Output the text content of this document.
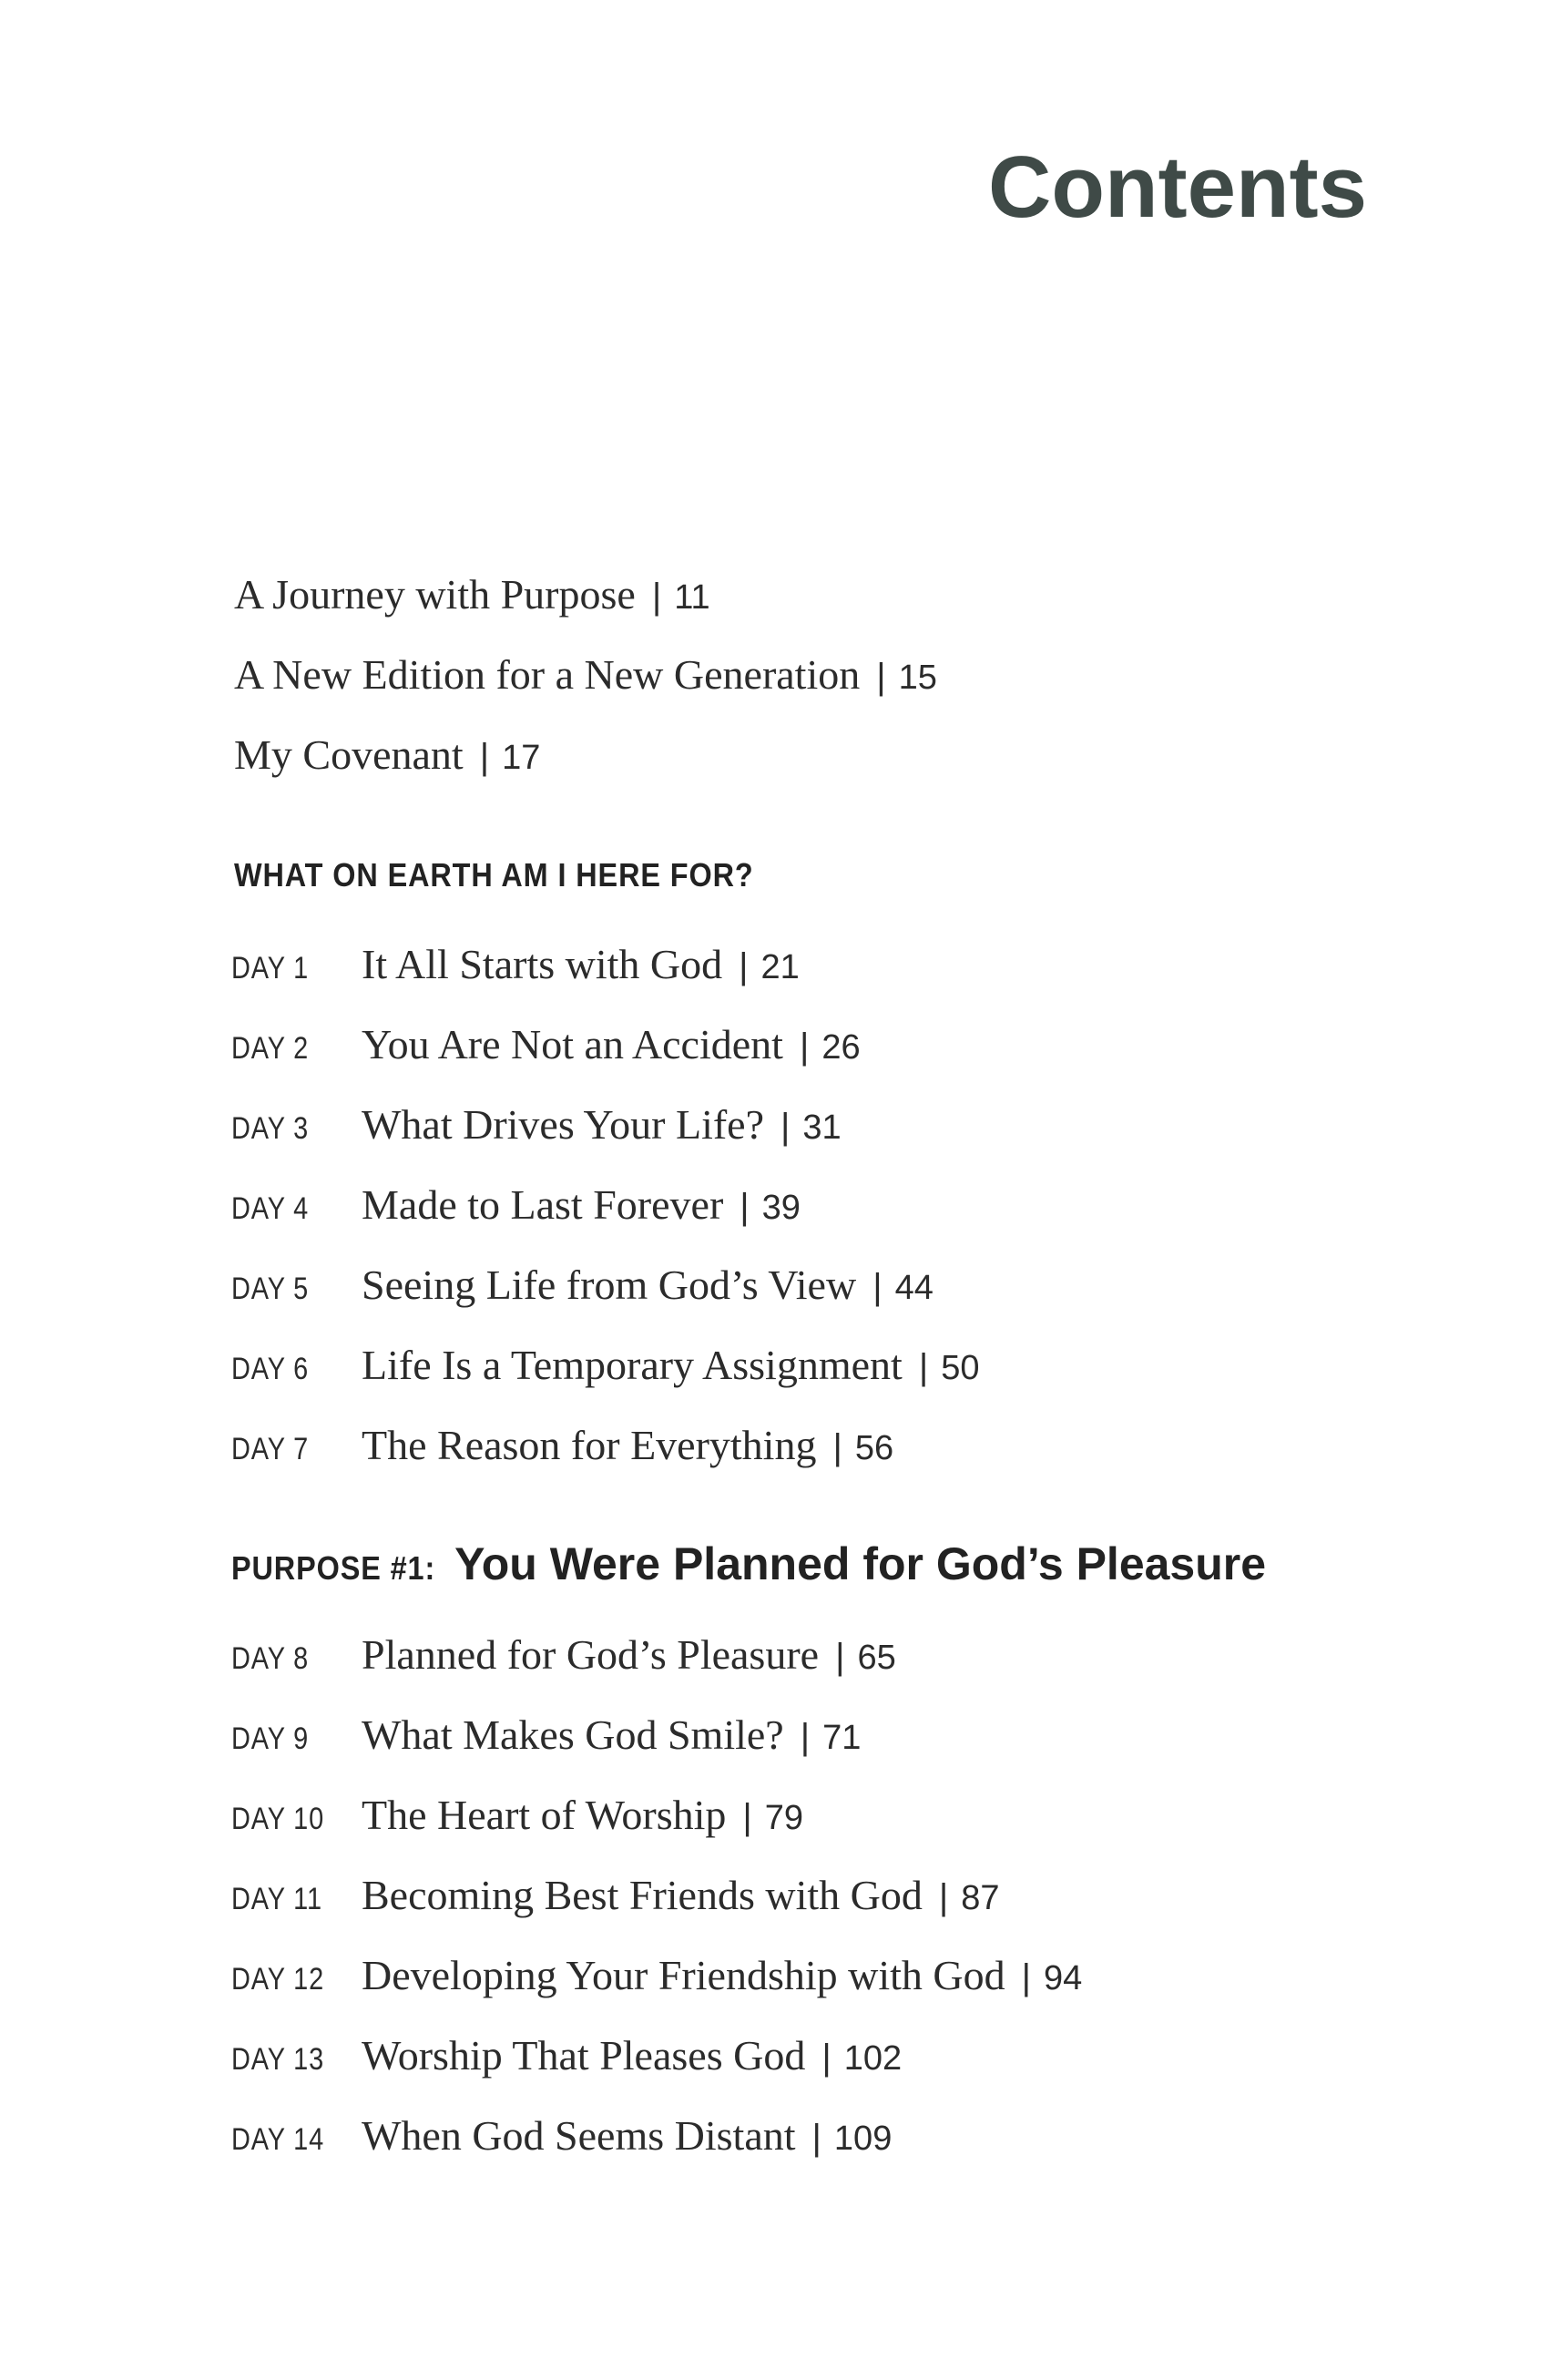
Contents
A Journey with Purpose | 11
A New Edition for a New Generation | 15
My Covenant | 17
WHAT ON EARTH AM I HERE FOR?
DAY 1 It All Starts with God | 21
DAY 2 You Are Not an Accident | 26
DAY 3 What Drives Your Life? | 31
DAY 4 Made to Last Forever | 39
DAY 5 Seeing Life from God’s View | 44
DAY 6 Life Is a Temporary Assignment | 50
DAY 7 The Reason for Everything | 56
PURPOSE #1: You Were Planned for God’s Pleasure
DAY 8 Planned for God’s Pleasure | 65
DAY 9 What Makes God Smile? | 71
DAY 10 The Heart of Worship | 79
DAY 11 Becoming Best Friends with God | 87
DAY 12 Developing Your Friendship with God | 94
DAY 13 Worship That Pleases God | 102
DAY 14 When God Seems Distant | 109
